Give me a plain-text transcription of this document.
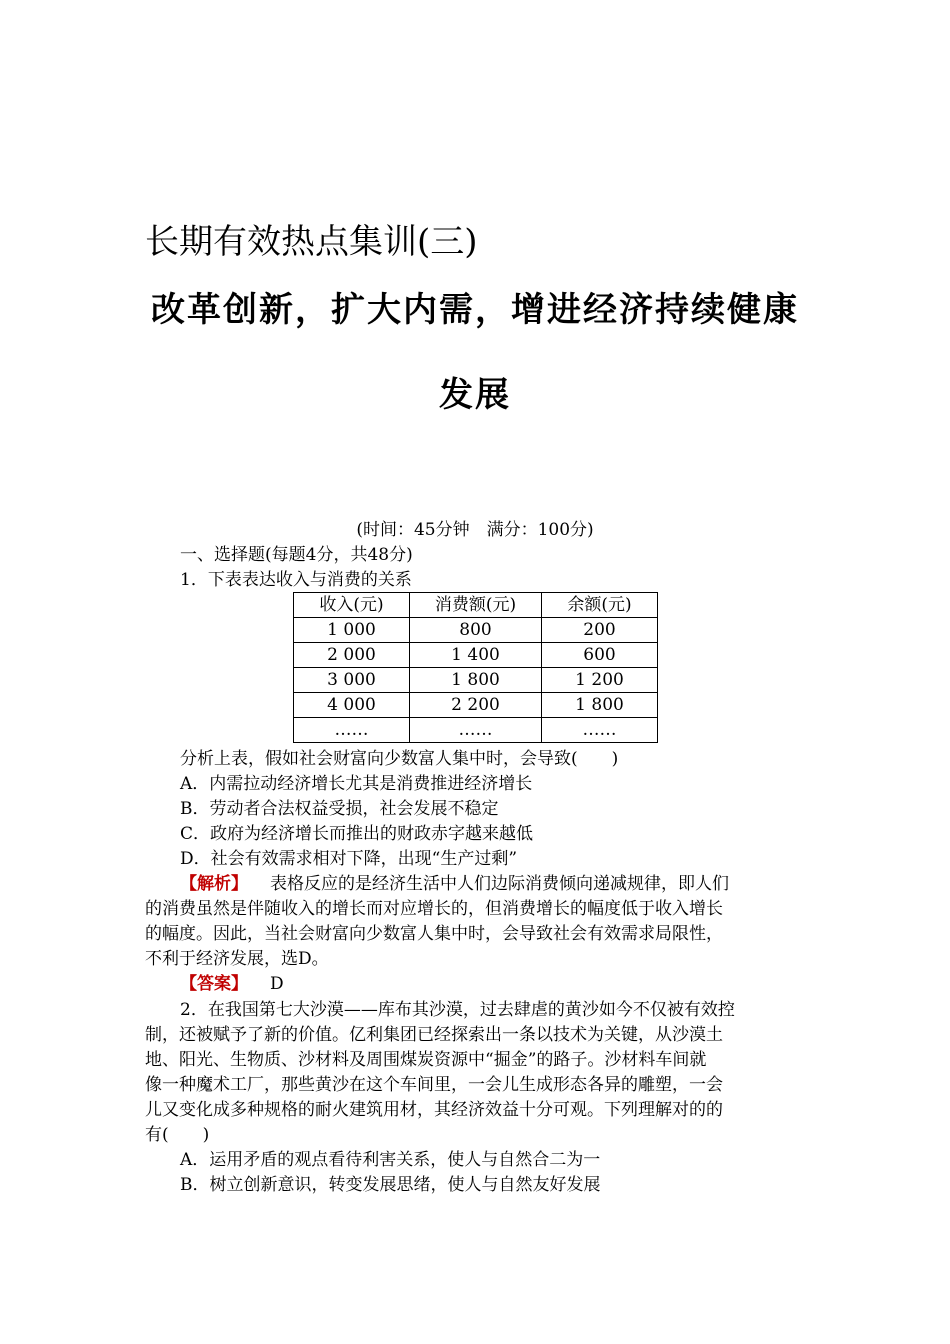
长期有效热点集训(三)
改革创新，扩大内需，增进经济持续健康
发展
(时间：45分钟　满分：100分)
一、选择题(每题4分，共48分)
1．下表表达收入与消费的关系
收入(元)	消费额(元)	余额(元)
1 000	800	200
2 000	1 400	600
3 000	1 800	1 200
4 000	2 200	1 800
……	……	……
分析上表，假如社会财富向少数富人集中时，会导致(　　)
A．内需拉动经济增长尤其是消费推进经济增长
B．劳动者合法权益受损，社会发展不稳定
C．政府为经济增长而推出的财政赤字越来越低
D．社会有效需求相对下降，出现“生产过剩”
【解析】 表格反应的是经济生活中人们边际消费倾向递减规律，即人们
的消费虽然是伴随收入的增长而对应增长的，但消费增长的幅度低于收入增长
的幅度。因此，当社会财富向少数富人集中时，会导致社会有效需求局限性，
不利于经济发展，选D。
【答案】 D
2．在我国第七大沙漠——库布其沙漠，过去肆虐的黄沙如今不仅被有效控
制，还被赋予了新的价值。亿利集团已经探索出一条以技术为关键，从沙漠土
地、阳光、生物质、沙材料及周围煤炭资源中“掘金”的路子。沙材料车间就
像一种魔术工厂，那些黄沙在这个车间里，一会儿生成形态各异的雕塑，一会
儿又变化成多种规格的耐火建筑用材，其经济效益十分可观。下列理解对的的
有(　　)
A．运用矛盾的观点看待利害关系，使人与自然合二为一
B．树立创新意识，转变发展思绪，使人与自然友好发展
